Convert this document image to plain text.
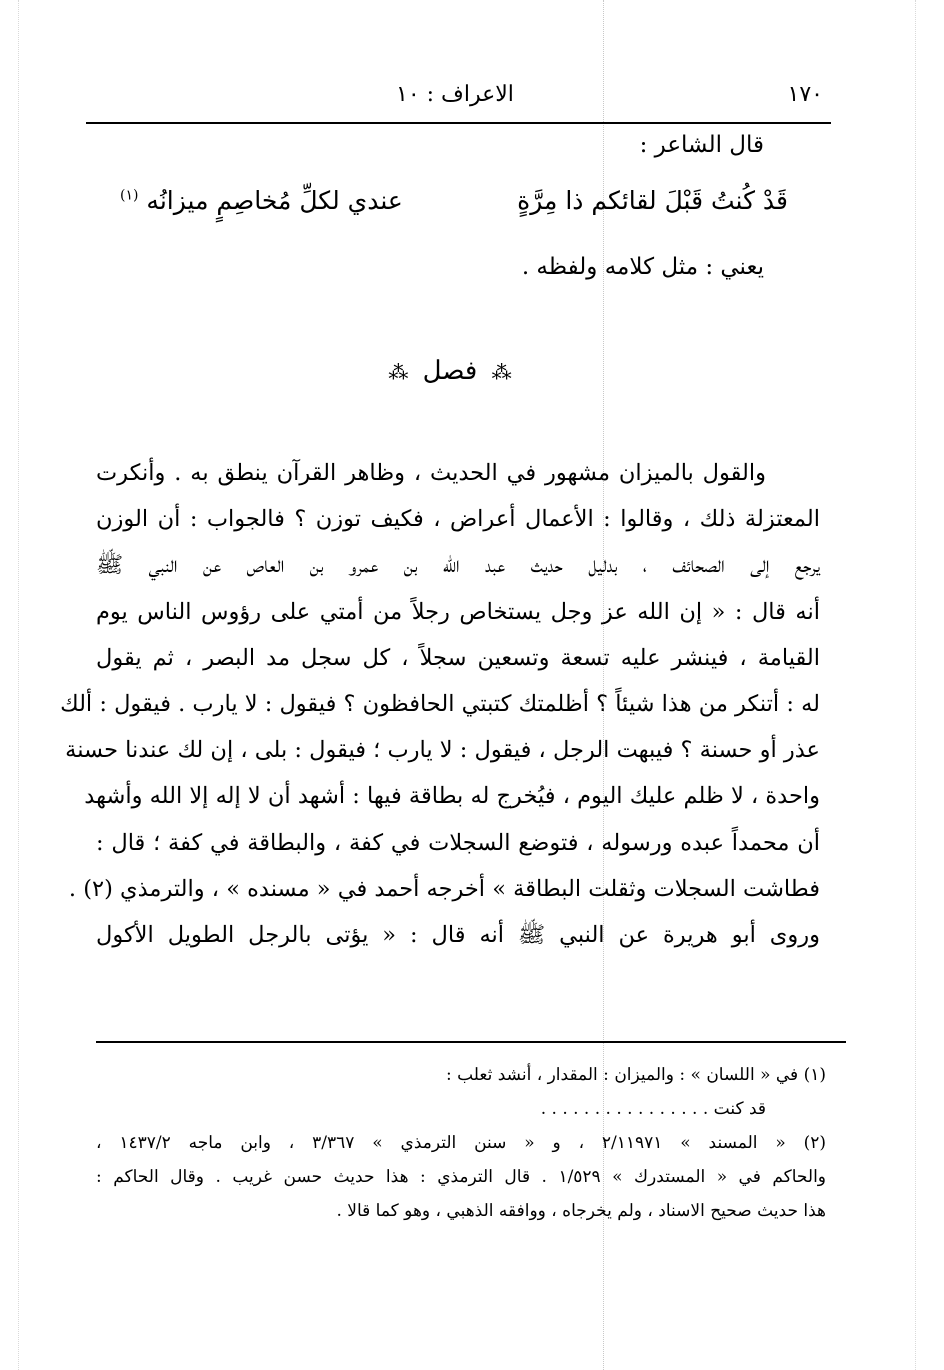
١٧٠
الاعراف : ١٠
قال الشاعر :
قَدْ كُنتُ قَبْلَ لقائكم ذا مِرَّةٍ
عندي لكلِّ مُخاصِمٍ ميزانُه $^{(١)}$
يعني : مثل كلامه ولفظه .
⁂ فصل ⁂
والقول بالميزان مشهور في الحديث ، وظاهر القرآن ينطق به . وأنكرت
المعتزلة ذلك ، وقالوا : الأعمال أعراض ، فكيف توزن ؟ فالجواب : أن الوزن
يرجع إلى الصحائف ، بدليل حديث عبد الله بن عمرو بن العاص عن النبي ﷺ
أنه قال : « إن الله عز وجل يستخاص رجلاً من أمتي على رؤوس الناس يوم
القيامة ، فينشر عليه تسعة وتسعين سجلاً ، كل سجل مد البصر ، ثم يقول
له : أتنكر من هذا شيئاً ؟ أظلمتك كتبتي الحافظون ؟ فيقول : لا يارب . فيقول : ألك
عذر أو حسنة ؟ فيبهت الرجل ، فيقول : لا يارب ؛ فيقول : بلى ، إن لك عندنا حسنة
واحدة ، لا ظلم عليك اليوم ، فيُخرج له بطاقة فيها : أشهد أن لا إله إلا الله وأشهد
أن محمداً عبده ورسوله ، فتوضع السجلات في كفة ، والبطاقة في كفة ؛ قال :
فطاشت السجلات وثقلت البطاقة » أخرجه أحمد في « مسنده » ، والترمذي (٢) .
وروى أبو هريرة عن النبي ﷺ أنه قال : « يؤتى بالرجل الطويل الأكول
(١) في « اللسان » : والميزان : المقدار ، أنشد ثعلب :
قد كنت . . . . . . . . . . . . . . . .
(٢) « المسند » ٢/١١٩٧١ ، و « سنن الترمذي » ٣/٣٦٧ ، وابن ماجه ١٤٣٧/٢ ،
والحاكم في « المستدرك » ١/٥٢٩ . قال الترمذي : هذا حديث حسن غريب . وقال الحاكم :
هذا حديث صحيح الاسناد ، ولم يخرجاه ، ووافقه الذهبي ، وهو كما قالا .
